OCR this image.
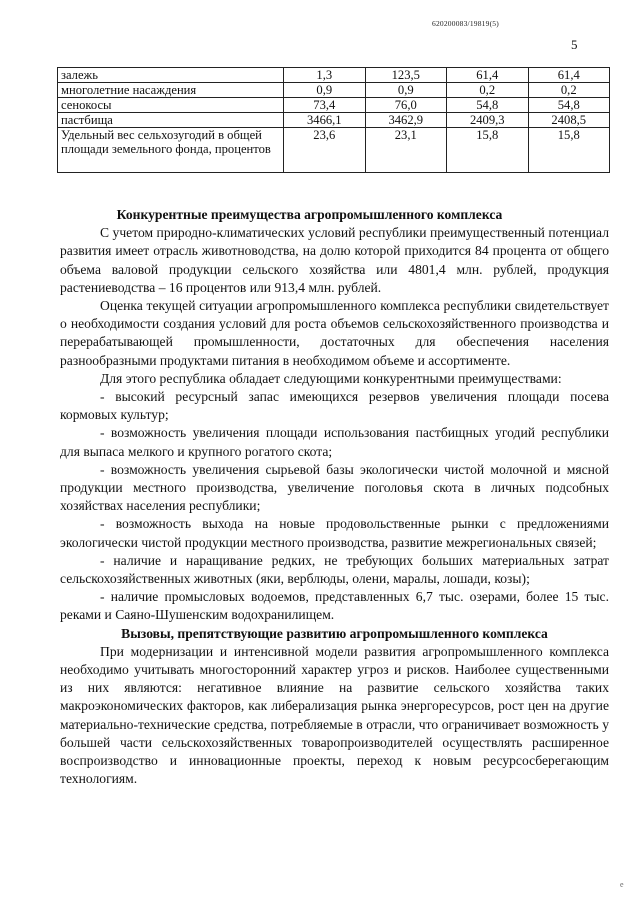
620200083/19819(5)
5
залежь	1,3	123,5	61,4	61,4
многолетние насаждения	0,9	0,9	0,2	0,2
сенокосы	73,4	76,0	54,8	54,8
пастбища	3466,1	3462,9	2409,3	2408,5
Удельный вес сельхозугодий в общей площади земельного фонда, процентов	23,6	23,1	15,8	15,8
Конкурентные преимущества агропромышленного комплекса

С учетом природно-климатических условий республики преимущественный потенциал развития имеет отрасль животноводства, на долю которой приходится 84 процента от общего объема валовой продукции сельского хозяйства или 4801,4 млн. рублей, продукция растениеводства – 16 процентов или 913,4 млн. рублей.

Оценка текущей ситуации агропромышленного комплекса республики свидетельствует о необходимости создания условий для роста объемов сельскохозяйственного производства и перерабатывающей промышленности, достаточных для обеспечения населения разнообразными продуктами питания в необходимом объеме и ассортименте.

Для этого республика обладает следующими конкурентными преимуществами:

- высокий ресурсный запас имеющихся резервов увеличения площади посева кормовых культур;

- возможность увеличения площади использования пастбищных угодий республики для выпаса мелкого и крупного рогатого скота;

- возможность увеличения сырьевой базы экологически чистой молочной и мясной продукции местного производства, увеличение поголовья скота в личных подсобных хозяйствах населения республики;

- возможность выхода на новые продовольственные рынки с предложениями экологически чистой продукции местного производства, развитие межрегиональных связей;

- наличие и наращивание редких, не требующих больших материальных затрат сельскохозяйственных животных (яки, верблюды, олени, маралы, лошади, козы);

- наличие промысловых водоемов, представленных 6,7 тыс. озерами, более 15 тыс. реками и Саяно-Шушенским водохранилищем.

Вызовы, препятствующие развитию агропромышленного комплекса

При модернизации и интенсивной модели развития агропромышленного комплекса необходимо учитывать многосторонний характер угроз и рисков. Наиболее существенными из них являются: негативное влияние на развитие сельского хозяйства таких макроэкономических факторов, как либерализация рынка энергоресурсов, рост цен на другие материально-технические средства, потребляемые в отрасли, что ограничивает возможность у большей части сельскохозяйственных товаропроизводителей осуществлять расширенное воспроизводство и инновационные проекты, переход к новым ресурсосберегающим технологиям.

e
